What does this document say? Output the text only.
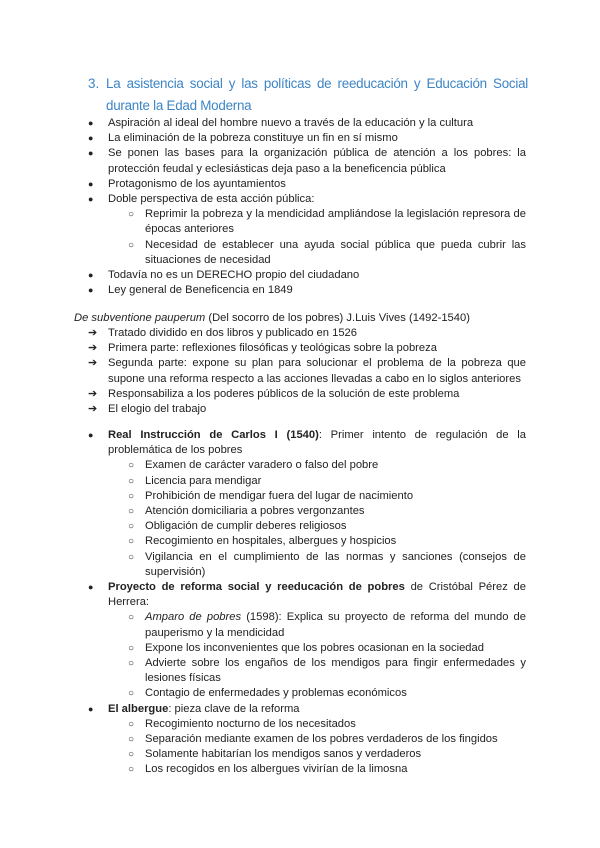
3. La asistencia social y las políticas de reeducación y Educación Social durante la Edad Moderna
● Aspiración al ideal del hombre nuevo a través de la educación y la cultura
● La eliminación de la pobreza constituye un fin en sí mismo
● Se ponen las bases para la organización pública de atención a los pobres: la protección feudal y eclesiásticas deja paso a la beneficencia pública
● Protagonismo de los ayuntamientos
● Doble perspectiva de esta acción pública:
○ Reprimir la pobreza y la mendicidad ampliándose la legislación represora de épocas anteriores
○ Necesidad de establecer una ayuda social pública que pueda cubrir las situaciones de necesidad
● Todavía no es un DERECHO propio del ciudadano
● Ley general de Beneficencia en 1849
De subventione pauperum (Del socorro de los pobres) J.Luis Vives (1492-1540)
➔ Tratado dividido en dos libros y publicado en 1526
➔ Primera parte: reflexiones filosóficas y teológicas sobre la pobreza
➔ Segunda parte: expone su plan para solucionar el problema de la pobreza que supone una reforma respecto a las acciones llevadas a cabo en lo siglos anteriores
➔ Responsabiliza a los poderes públicos de la solución de este problema
➔ El elogio del trabajo
● Real Instrucción de Carlos I (1540): Primer intento de regulación de la problemática de los pobres
○ Examen de carácter varadero o falso del pobre
○ Licencia para mendigar
○ Prohibición de mendigar fuera del lugar de nacimiento
○ Atención domiciliaria a pobres vergonzantes
○ Obligación de cumplir deberes religiosos
○ Recogimiento en hospitales, albergues y hospicios
○ Vigilancia en el cumplimiento de las normas y sanciones (consejos de supervisión)
● Proyecto de reforma social y reeducación de pobres de Cristóbal Pérez de Herrera:
○ Amparo de pobres (1598): Explica su proyecto de reforma del mundo de pauperismo y la mendicidad
○ Expone los inconvenientes que los pobres ocasionan en la sociedad
○ Advierte sobre los engaños de los mendigos para fingir enfermedades y lesiones físicas
○ Contagio de enfermedades y problemas económicos
● El albergue: pieza clave de la reforma
○ Recogimiento nocturno de los necesitados
○ Separación mediante examen de los pobres verdaderos de los fingidos
○ Solamente habitarían los mendigos sanos y verdaderos
○ Los recogidos en los albergues vivirían de la limosna
